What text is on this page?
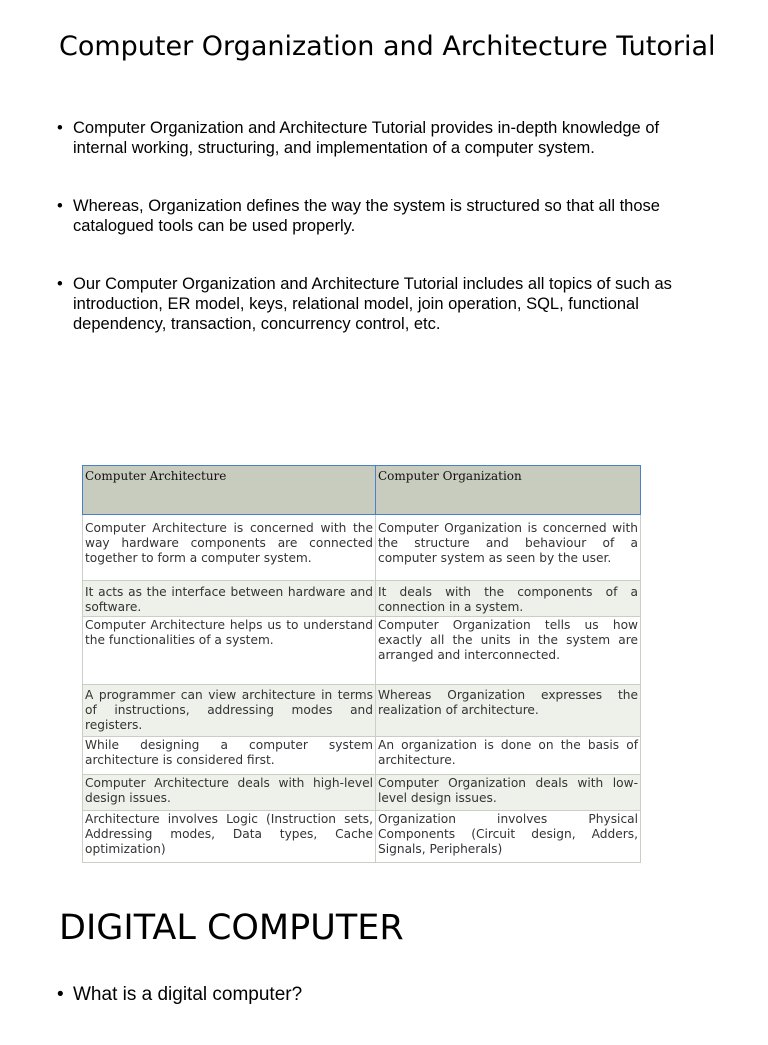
Computer Organization and Architecture Tutorial
• Computer Organization and Architecture Tutorial provides in-depth knowledge of internal working, structuring, and implementation of a computer system.
• Whereas, Organization defines the way the system is structured so that all those catalogued tools can be used properly.
• Our Computer Organization and Architecture Tutorial includes all topics of such as introduction, ER model, keys, relational model, join operation, SQL, functional dependency, transaction, concurrency control, etc.
Computer Architecture	Computer Organization
Computer Architecture is concerned with the way hardware components are connected together to form a computer system.	Computer Organization is concerned with the structure and behaviour of a computer system as seen by the user.
It acts as the interface between hardware and software.	It deals with the components of a connection in a system.
Computer Architecture helps us to understand the functionalities of a system.	Computer Organization tells us how exactly all the units in the system are arranged and interconnected.
A programmer can view architecture in terms of instructions, addressing modes and registers.	Whereas Organization expresses the realization of architecture.
While designing a computer system architecture is considered first.	An organization is done on the basis of architecture.
Computer Architecture deals with high-level design issues.	Computer Organization deals with low-level design issues.
Architecture involves Logic (Instruction sets, Addressing modes, Data types, Cache optimization)	Organization involves Physical Components (Circuit design, Adders, Signals, Peripherals)
DIGITAL COMPUTER
• What is a digital computer?
